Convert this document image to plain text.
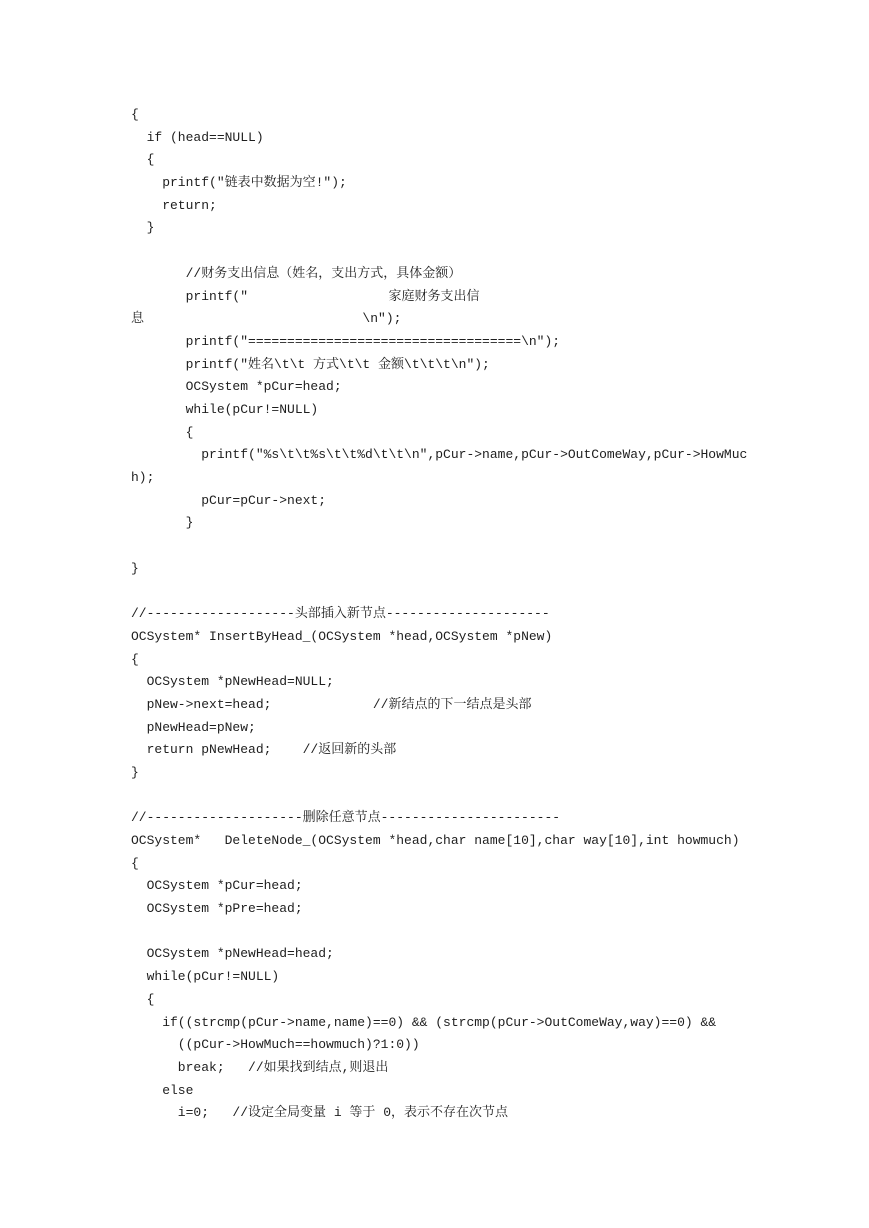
{
if (head==NULL)
{
printf("链表中数据为空!");
return;
}
//财务支出信息（姓名，支出方式，具体金额）
printf("                  家庭财务支出信
息                            \n");
printf("===================================\n");
printf("姓名\t\t 方式\t\t 金额\t\t\t\n");
OCSystem *pCur=head;
while(pCur!=NULL)
{
printf("%s\t\t%s\t\t%d\t\t\n",pCur->name,pCur->OutComeWay,pCur->HowMuc
h);
pCur=pCur->next;
}
}
//-------------------头部插入新节点---------------------
OCSystem* InsertByHead_(OCSystem *head,OCSystem *pNew)
{
OCSystem *pNewHead=NULL;
pNew->next=head;             //新结点的下一结点是头部
pNewHead=pNew;
return pNewHead;    //返回新的头部
}
//--------------------删除任意节点-----------------------
OCSystem*   DeleteNode_(OCSystem *head,char name[10],char way[10],int howmuch)
{
OCSystem *pCur=head;
OCSystem *pPre=head;
OCSystem *pNewHead=head;
while(pCur!=NULL)
{
if((strcmp(pCur->name,name)==0) && (strcmp(pCur->OutComeWay,way)==0) &&
((pCur->HowMuch==howmuch)?1:0))
break;   //如果找到结点,则退出
else
i=0;   //设定全局变量 i 等于 0，表示不存在次节点
